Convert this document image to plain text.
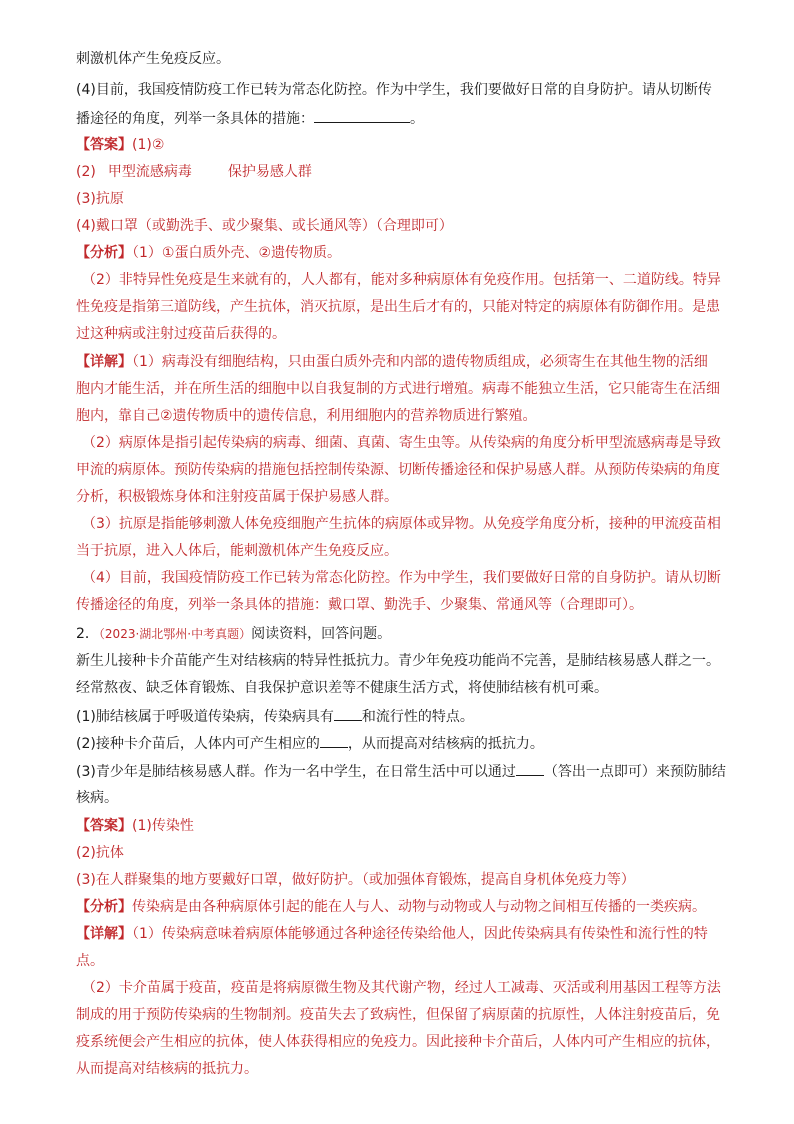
刺激机体产生免疫反应。
(4)目前，我国疫情防疫工作已转为常态化防控。作为中学生，我们要做好日常的自身防护。请从切断传
播途径的角度，列举一条具体的措施：	。
【答案】(1)②
(2) 甲型流感病毒	保护易感人群
(3)抗原
(4)戴口罩（或勤洗手、或少聚集、或长通风等）（合理即可）
【分析】（1）①蛋白质外壳、②遗传物质。
（2）非特异性免疫是生来就有的，人人都有，能对多种病原体有免疫作用。包括第一、二道防线。特异
性免疫是指第三道防线，产生抗体，消灭抗原，是出生后才有的，只能对特定的病原体有防御作用。是患
过这种病或注射过疫苗后获得的。
【详解】（1）病毒没有细胞结构，只由蛋白质外壳和内部的遗传物质组成，必须寄生在其他生物的活细
胞内才能生活，并在所生活的细胞中以自我复制的方式进行增殖。病毒不能独立生活，它只能寄生在活细
胞内，靠自己②遗传物质中的遗传信息，利用细胞内的营养物质进行繁殖。
（2）病原体是指引起传染病的病毒、细菌、真菌、寄生虫等。从传染病的角度分析甲型流感病毒是导致
甲流的病原体。预防传染病的措施包括控制传染源、切断传播途径和保护易感人群。从预防传染病的角度
分析，积极锻炼身体和注射疫苗属于保护易感人群。
（3）抗原是指能够刺激人体免疫细胞产生抗体的病原体或异物。从免疫学角度分析，接种的甲流疫苗相
当于抗原，进入人体后，能刺激机体产生免疫反应。
（4）目前，我国疫情防疫工作已转为常态化防控。作为中学生，我们要做好日常的自身防护。请从切断
传播途径的角度，列举一条具体的措施：戴口罩、勤洗手、少聚集、常通风等（合理即可）。
2．（2023·湖北鄂州·中考真题）阅读资料，回答问题。
新生儿接种卡介苗能产生对结核病的特异性抵抗力。青少年免疫功能尚不完善，是肺结核易感人群之一。
经常熬夜、缺乏体育锻炼、自我保护意识差等不健康生活方式，将使肺结核有机可乘。
(1)肺结核属于呼吸道传染病，传染病具有 和流行性的特点。
(2)接种卡介苗后，人体内可产生相应的 ，从而提高对结核病的抵抗力。
(3)青少年是肺结核易感人群。作为一名中学生，在日常生活中可以通过 （答出一点即可）来预防肺结
核病。
【答案】(1)传染性
(2)抗体
(3)在人群聚集的地方要戴好口罩，做好防护。（或加强体育锻炼，提高自身机体免疫力等）
【分析】传染病是由各种病原体引起的能在人与人、动物与动物或人与动物之间相互传播的一类疾病。
【详解】（1）传染病意味着病原体能够通过各种途径传染给他人，因此传染病具有传染性和流行性的特
点。
（2）卡介苗属于疫苗，疫苗是将病原微生物及其代谢产物，经过人工减毒、灭活或利用基因工程等方法
制成的用于预防传染病的生物制剂。疫苗失去了致病性，但保留了病原菌的抗原性，人体注射疫苗后，免
疫系统便会产生相应的抗体，使人体获得相应的免疫力。因此接种卡介苗后，人体内可产生相应的抗体，
从而提高对结核病的抵抗力。
